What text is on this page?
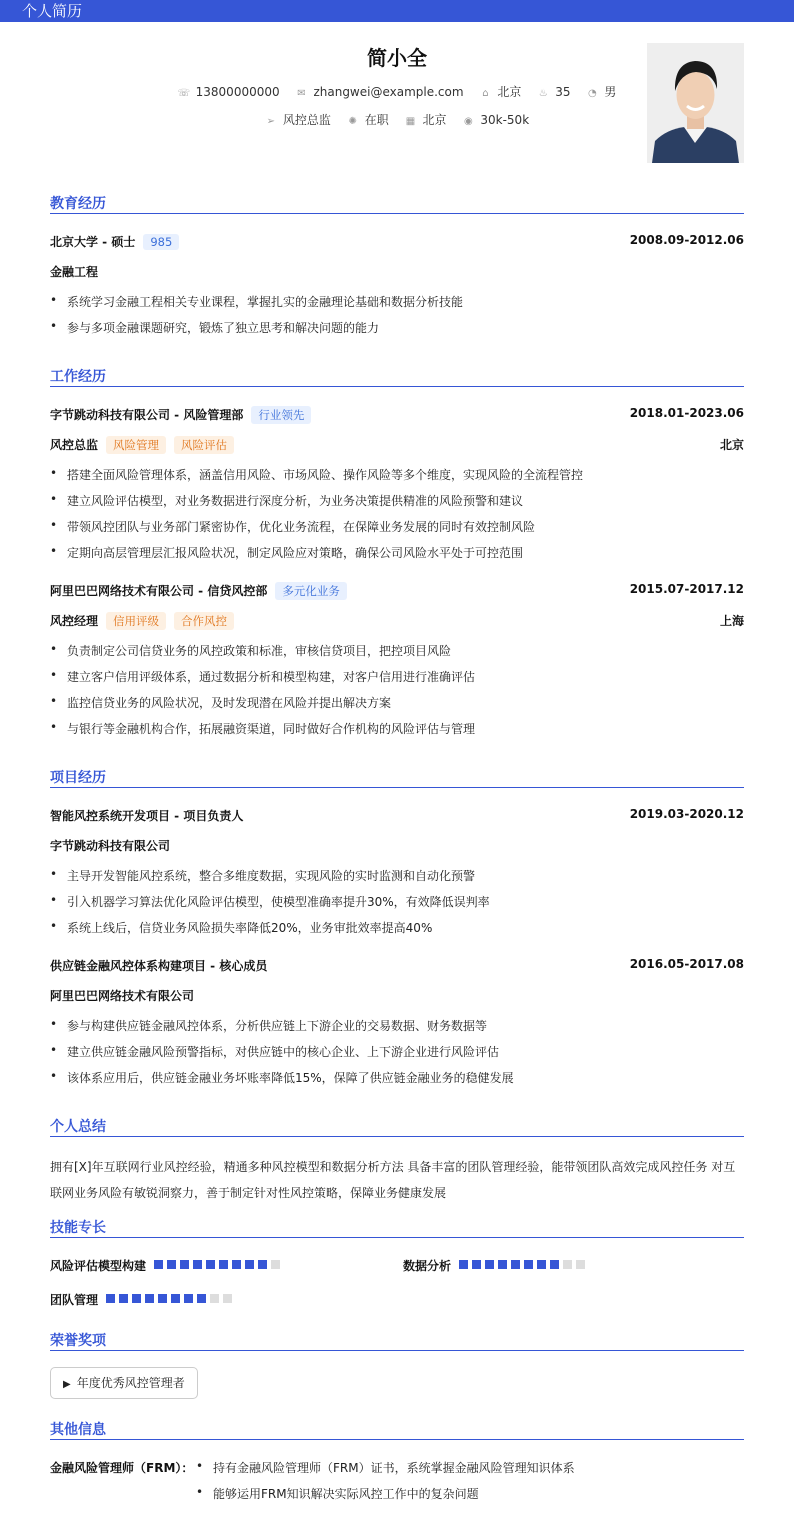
个人简历
简小全
☏ 13800000000 ✉ zhangwei@example.com ⌂ 北京 ♨ 35 ◔ 男
➢ 风控总监 ✺ 在职 ▦ 北京 ◉ 30k-50k
教育经历
北京大学 - 硕士 985	2008.09-2012.06
金融工程
• 系统学习金融工程相关专业课程，掌握扎实的金融理论基础和数据分析技能
• 参与多项金融课题研究，锻炼了独立思考和解决问题的能力
工作经历
字节跳动科技有限公司 - 风险管理部 行业领先	2018.01-2023.06
风控总监 风险管理 风险评估	北京
• 搭建全面风险管理体系，涵盖信用风险、市场风险、操作风险等多个维度，实现风险的全流程管控
• 建立风险评估模型，对业务数据进行深度分析，为业务决策提供精准的风险预警和建议
• 带领风控团队与业务部门紧密协作，优化业务流程，在保障业务发展的同时有效控制风险
• 定期向高层管理层汇报风险状况，制定风险应对策略，确保公司风险水平处于可控范围
阿里巴巴网络技术有限公司 - 信贷风控部 多元化业务	2015.07-2017.12
风控经理 信用评级 合作风控	上海
• 负责制定公司信贷业务的风控政策和标准，审核信贷项目，把控项目风险
• 建立客户信用评级体系，通过数据分析和模型构建，对客户信用进行准确评估
• 监控信贷业务的风险状况，及时发现潜在风险并提出解决方案
• 与银行等金融机构合作，拓展融资渠道，同时做好合作机构的风险评估与管理
项目经历
智能风控系统开发项目 - 项目负责人	2019.03-2020.12
字节跳动科技有限公司
• 主导开发智能风控系统，整合多维度数据，实现风险的实时监测和自动化预警
• 引入机器学习算法优化风险评估模型，使模型准确率提升30%，有效降低误判率
• 系统上线后，信贷业务风险损失率降低20%，业务审批效率提高40%
供应链金融风控体系构建项目 - 核心成员	2016.05-2017.08
阿里巴巴网络技术有限公司
• 参与构建供应链金融风控体系，分析供应链上下游企业的交易数据、财务数据等
• 建立供应链金融风险预警指标，对供应链中的核心企业、上下游企业进行风险评估
• 该体系应用后，供应链金融业务坏账率降低15%，保障了供应链金融业务的稳健发展
个人总结
拥有[X]年互联网行业风控经验，精通多种风控模型和数据分析方法 具备丰富的团队管理经验，能带领团队高效完成风控任务 对互联网业务风险有敏锐洞察力，善于制定针对性风控策略，保障业务健康发展
技能专长
风险评估模型构建	数据分析
团队管理
荣誉奖项
▶ 年度优秀风控管理者
其他信息
金融风险管理师（FRM）：
•	持有金融风险管理师（FRM）证书，系统掌握金融风险管理知识体系
• 能够运用FRM知识解决实际风控工作中的复杂问题
